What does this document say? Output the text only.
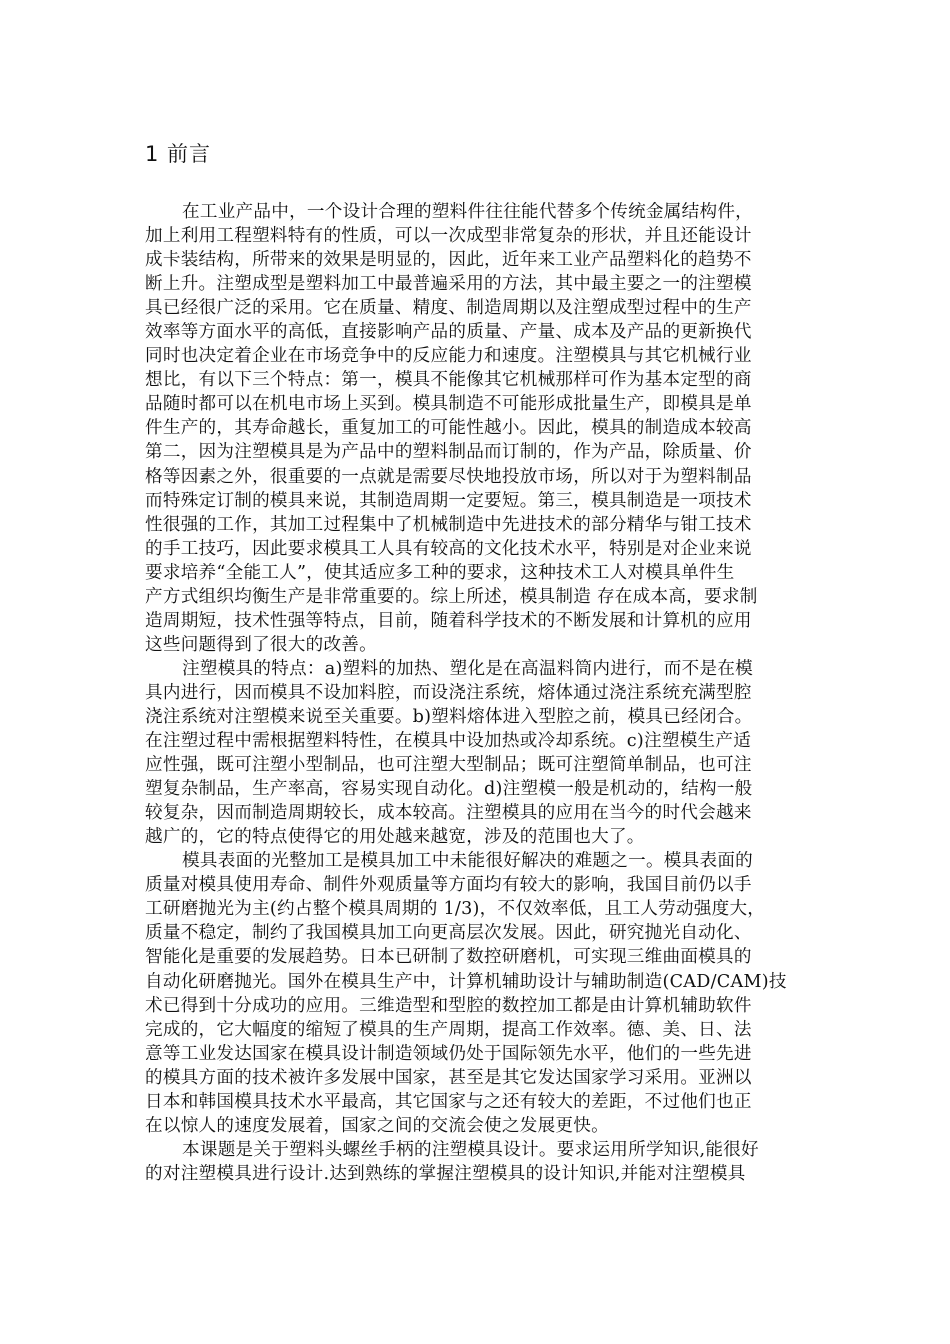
1 前言
在工业产品中，一个设计合理的塑料件往往能代替多个传统金属结构件，
加上利用工程塑料特有的性质，可以一次成型非常复杂的形状，并且还能设计
成卡装结构，所带来的效果是明显的，因此，近年来工业产品塑料化的趋势不
断上升。注塑成型是塑料加工中最普遍采用的方法，其中最主要之一的注塑模
具已经很广泛的采用。它在质量、精度、制造周期以及注塑成型过程中的生产
效率等方面水平的高低，直接影响产品的质量、产量、成本及产品的更新换代
同时也决定着企业在市场竞争中的反应能力和速度。注塑模具与其它机械行业
想比，有以下三个特点：第一，模具不能像其它机械那样可作为基本定型的商
品随时都可以在机电市场上买到。模具制造不可能形成批量生产，即模具是单
件生产的，其寿命越长，重复加工的可能性越小。因此，模具的制造成本较高
第二，因为注塑模具是为产品中的塑料制品而订制的，作为产品，除质量、价
格等因素之外，很重要的一点就是需要尽快地投放市场，所以对于为塑料制品
而特殊定订制的模具来说，其制造周期一定要短。第三，模具制造是一项技术
性很强的工作，其加工过程集中了机械制造中先进技术的部分精华与钳工技术
的手工技巧，因此要求模具工人具有较高的文化技术水平，特别是对企业来说
要求培养“全能工人”，使其适应多工种的要求，这种技术工人对模具单件生
产方式组织均衡生产是非常重要的。综上所述，模具制造 存在成本高，要求制
造周期短，技术性强等特点，目前，随着科学技术的不断发展和计算机的应用
这些问题得到了很大的改善。
注塑模具的特点：a)塑料的加热、塑化是在高温料筒内进行，而不是在模
具内进行，因而模具不设加料腔，而设浇注系统，熔体通过浇注系统充满型腔
浇注系统对注塑模来说至关重要。b)塑料熔体进入型腔之前，模具已经闭合。
在注塑过程中需根据塑料特性，在模具中设加热或冷却系统。c)注塑模生产适
应性强，既可注塑小型制品，也可注塑大型制品；既可注塑简单制品，也可注
塑复杂制品，生产率高，容易实现自动化。d)注塑模一般是机动的，结构一般
较复杂，因而制造周期较长，成本较高。注塑模具的应用在当今的时代会越来
越广的，它的特点使得它的用处越来越宽，涉及的范围也大了。
模具表面的光整加工是模具加工中未能很好解决的难题之一。模具表面的
质量对模具使用寿命、制件外观质量等方面均有较大的影响，我国目前仍以手
工研磨抛光为主(约占整个模具周期的 1/3)，不仅效率低，且工人劳动强度大，
质量不稳定，制约了我国模具加工向更高层次发展。因此，研究抛光自动化、
智能化是重要的发展趋势。日本已研制了数控研磨机，可实现三维曲面模具的
自动化研磨抛光。国外在模具生产中，计算机辅助设计与辅助制造(CAD/CAM)技
术已得到十分成功的应用。三维造型和型腔的数控加工都是由计算机辅助软件
完成的，它大幅度的缩短了模具的生产周期，提高工作效率。德、美、日、法
意等工业发达国家在模具设计制造领域仍处于国际领先水平，他们的一些先进
的模具方面的技术被许多发展中国家，甚至是其它发达国家学习采用。亚洲以
日本和韩国模具技术水平最高，其它国家与之还有较大的差距，不过他们也正
在以惊人的速度发展着，国家之间的交流会使之发展更快。
本课题是关于塑料头螺丝手柄的注塑模具设计。要求运用所学知识,能很好
的对注塑模具进行设计.达到熟练的掌握注塑模具的设计知识,并能对注塑模具
